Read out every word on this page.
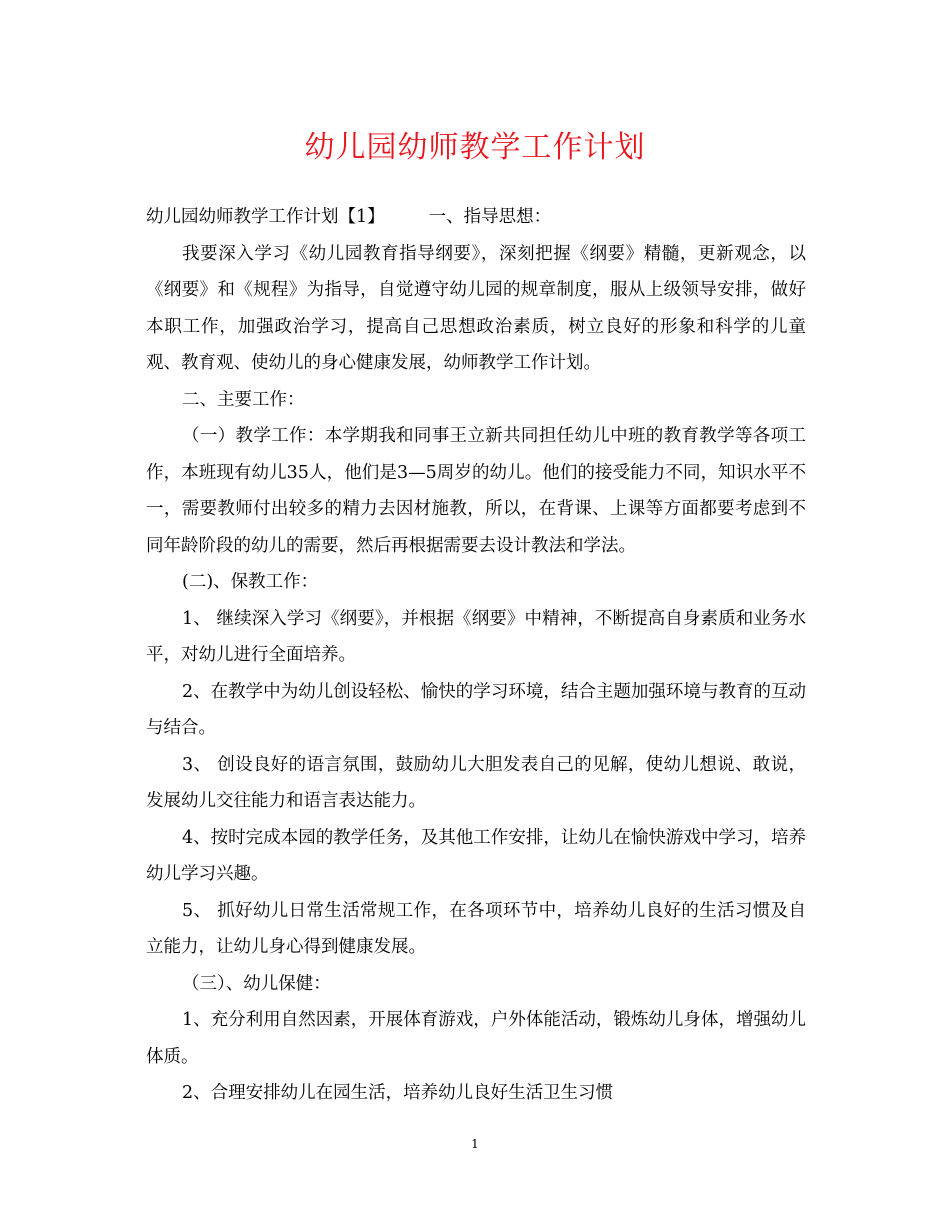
幼儿园幼师教学工作计划

幼儿园幼师教学工作计划【1】	一、指导思想：

我要深入学习《幼儿园教育指导纲要》，深刻把握《纲要》精髓，更新观念，以《纲要》和《规程》为指导，自觉遵守幼儿园的规章制度，服从上级领导安排，做好本职工作，加强政治学习，提高自己思想政治素质，树立良好的形象和科学的儿童观、教育观、使幼儿的身心健康发展，幼师教学工作计划。

二、主要工作：

（一）教学工作：本学期我和同事王立新共同担任幼儿中班的教育教学等各项工作，本班现有幼儿35人，他们是3—5周岁的幼儿。他们的接受能力不同，知识水平不一，需要教师付出较多的精力去因材施教，所以，在背课、上课等方面都要考虑到不同年龄阶段的幼儿的需要，然后再根据需要去设计教法和学法。

(二)、保教工作：

1、 继续深入学习《纲要》，并根据《纲要》中精神，不断提高自身素质和业务水平，对幼儿进行全面培养。

2、在教学中为幼儿创设轻松、愉快的学习环境，结合主题加强环境与教育的互动与结合。

3、 创设良好的语言氛围，鼓励幼儿大胆发表自己的见解，使幼儿想说、敢说，发展幼儿交往能力和语言表达能力。

4、按时完成本园的教学任务，及其他工作安排，让幼儿在愉快游戏中学习，培养幼儿学习兴趣。

5、 抓好幼儿日常生活常规工作，在各项环节中，培养幼儿良好的生活习惯及自立能力，让幼儿身心得到健康发展。

（三）、幼儿保健：

1、充分利用自然因素，开展体育游戏，户外体能活动，锻炼幼儿身体，增强幼儿体质。

2、合理安排幼儿在园生活，培养幼儿良好生活卫生习惯

1
